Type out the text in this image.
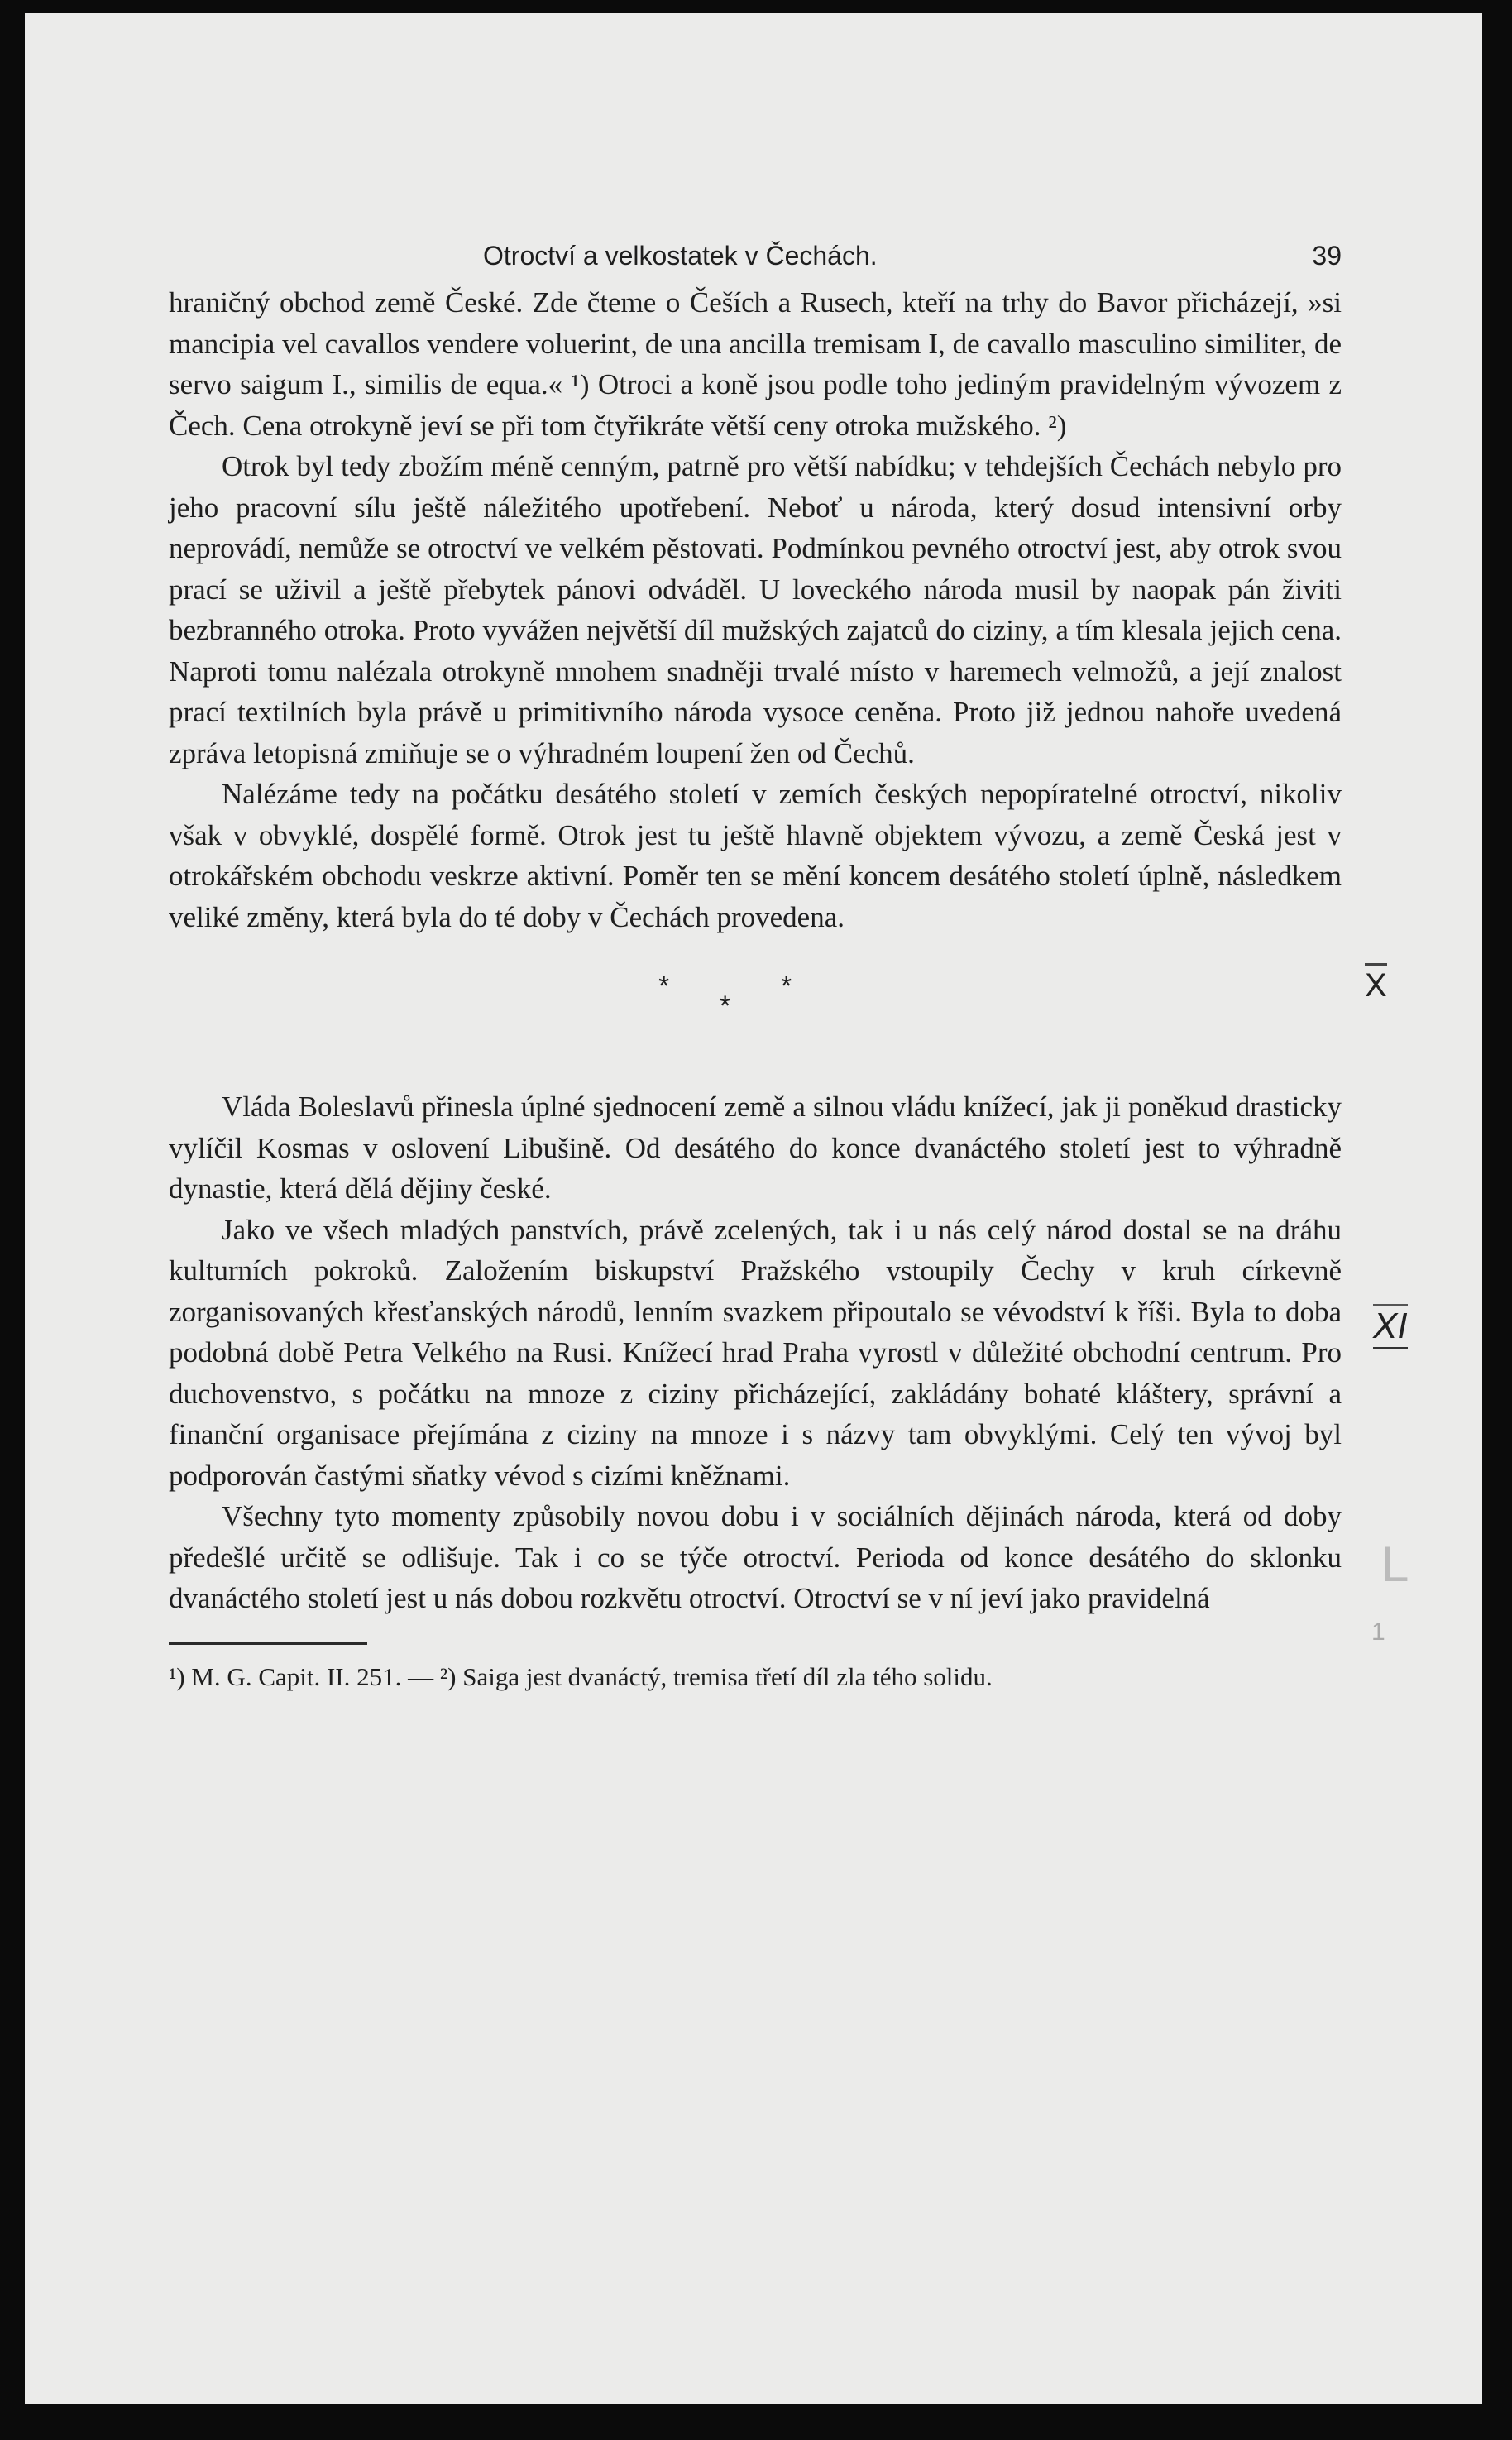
Otroctví a velkostatek v Čechách.	39

hraničný obchod země České. Zde čteme o Češích a Rusech, kteří na trhy do Bavor přicházejí, »si mancipia vel cavallos vendere voluerint, de una ancilla tremisam I, de cavallo masculino similiter, de servo saigum I., similis de equa.« ¹) Otroci a koně jsou podle toho jediným pravidelným vývozem z Čech. Cena otrokyně jeví se při tom čtyřikráte větší ceny otroka mužského. ²)

Otrok byl tedy zbožím méně cenným, patrně pro větší nabídku; v tehdejších Čechách nebylo pro jeho pracovní sílu ještě náležitého upotřebení. Neboť u národa, který dosud intensivní orby neprovádí, nemůže se otroctví ve velkém pěstovati. Podmínkou pevného otroctví jest, aby otrok svou prací se uživil a ještě přebytek pánovi odváděl. U loveckého národa musil by naopak pán živiti bezbranného otroka. Proto vyvážen největší díl mužských zajatců do ciziny, a tím klesala jejich cena. Naproti tomu nalézala otrokyně mnohem snadněji trvalé místo v haremech velmožů, a její znalost prací textilních byla právě u primitivního národa vysoce ceněna. Proto již jednou nahoře uvedená zpráva letopisná zmiňuje se o výhradném loupení žen od Čechů.

Nalézáme tedy na počátku desátého století v zemích českých nepopíratelné otroctví, nikoliv však v obvyklé, dospělé formě. Otrok jest tu ještě hlavně objektem vývozu, a země Česká jest v otrokářském obchodu veskrze aktivní. Poměr ten se mění koncem desátého století úplně, následkem veliké změny, která byla do té doby v Čechách provedena.

*
*
*

Vláda Boleslavů přinesla úplné sjednocení země a silnou vládu knížecí, jak ji poněkud drasticky vylíčil Kosmas v oslovení Libušině. Od desátého do konce dvanáctého století jest to výhradně dynastie, která dělá dějiny české.

Jako ve všech mladých panstvích, právě zcelených, tak i u nás celý národ dostal se na dráhu kulturních pokroků. Založením biskupství Pražského vstoupily Čechy v kruh církevně zorganisovaných křesťanských národů, lenním svazkem připoutalo se vévodství k říši. Byla to doba podobná době Petra Velkého na Rusi. Knížecí hrad Praha vyrostl v důležité obchodní centrum. Pro duchovenstvo, s počátku na mnoze z ciziny přicházející, zakládány bohaté kláštery, správní a finanční organisace přejímána z ciziny na mnoze i s názvy tam obvyklými. Celý ten vývoj byl podporován častými sňatky vévod s cizími kněžnami.

Všechny tyto momenty způsobily novou dobu i v sociálních dějinách národa, která od doby předešlé určitě se odlišuje. Tak i co se týče otroctví. Perioda od konce desátého do sklonku dvanáctého století jest u nás dobou rozkvětu otroctví. Otroctví se v ní jeví jako pravidelná

¹) M. G. Capit. II. 251. — ²) Saiga jest dvanáctý, tremisa třetí díl zla tého solidu.

X
XI
L
1
